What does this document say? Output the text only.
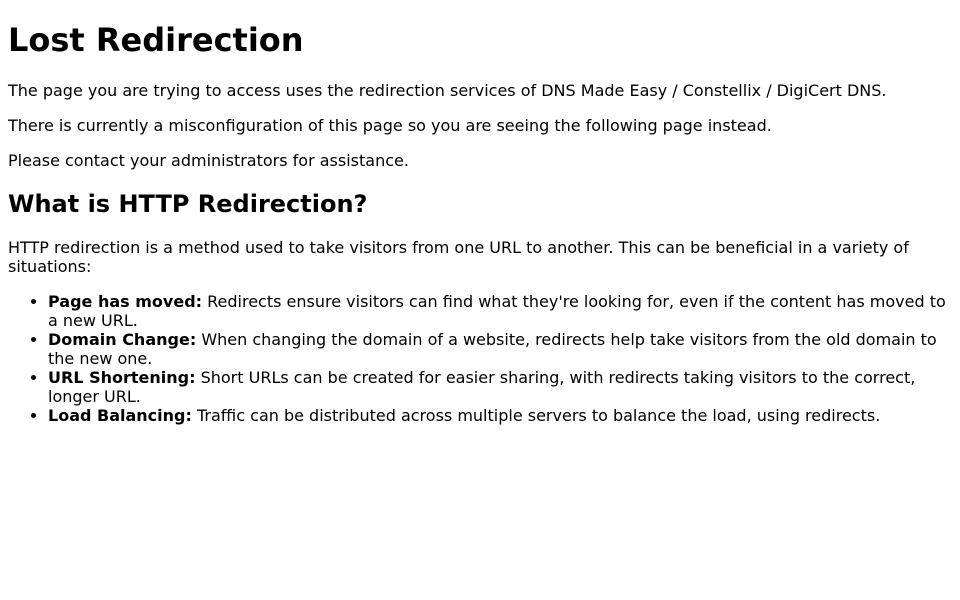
Lost Redirection

The page you are trying to access uses the redirection services of DNS Made Easy / Constellix / DigiCert DNS.

There is currently a misconfiguration of this page so you are seeing the following page instead.

Please contact your administrators for assistance.

What is HTTP Redirection?

HTTP redirection is a method used to take visitors from one URL to another. This can be beneficial in a variety of situations:

• Page has moved: Redirects ensure visitors can find what they're looking for, even if the content has moved to a new URL.
• Domain Change: When changing the domain of a website, redirects help take visitors from the old domain to the new one.
• URL Shortening: Short URLs can be created for easier sharing, with redirects taking visitors to the correct, longer URL.
• Load Balancing: Traffic can be distributed across multiple servers to balance the load, using redirects.
